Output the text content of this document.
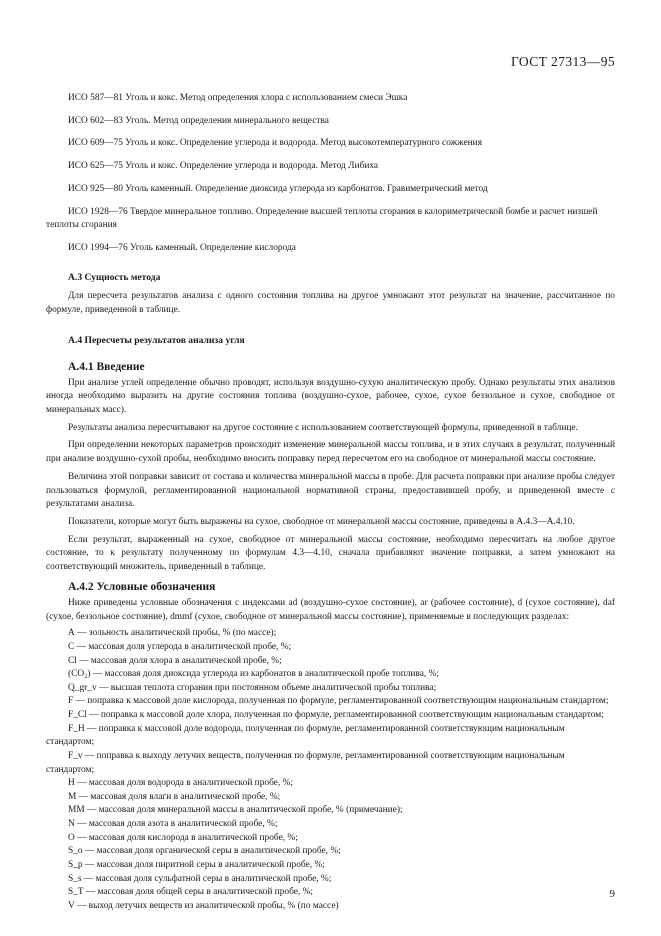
ГОСТ 27313—95

ИСО 587—81 Уголь и кокс. Метод определения хлора с использованием смеси Эшка

ИСО 602—83 Уголь. Метод определения минерального вещества

ИСО 609—75 Уголь и кокс. Определение углерода и водорода. Метод высокотемпературного сожжения

ИСО 625—75 Уголь и кокс. Определение углерода и водорода. Метод Либиха

ИСО 925—80 Уголь каменный. Определение диоксида углерода из карбонатов. Гравиметрический метод

ИСО 1928—76 Твердое минеральное топливо. Определение высшей теплоты сгорания в калориметрической бомбе и расчет низшей теплоты сгорания

ИСО 1994—76 Уголь каменный. Определение кислорода

А.3 Сущность метода

Для пересчета результатов анализа с одного состояния топлива на другое умножают этот результат на значение, рассчитанное по формуле, приведенной в таблице.

А.4 Пересчеты результатов анализа угля

А.4.1 Введение

При анализе углей определение обычно проводят, используя воздушно-сухую аналитическую пробу. Однако результаты этих анализов иногда необходимо выразить на другие состояния топлива (воздушно-сухое, рабочее, сухое, сухое беззольное и сухое, свободное от минеральных масс).

Результаты анализа пересчитывают на другое состояние с использованием соответствующей формулы, приведенной в таблице.

При определении некоторых параметров происходит изменение минеральной массы топлива, и в этих случаях в результат, полученный при анализе воздушно-сухой пробы, необходимо вносить поправку перед пересчетом его на свободное от минеральной массы состояние.

Величина этой поправки зависит от состава и количества минеральной массы в пробе. Для расчета поправки при анализе пробы следует пользоваться формулой, регламентированной национальной нормативной страны, предоставившей пробу, и приведенной вместе с результатами анализа.

Показатели, которые могут быть выражены на сухое, свободное от минеральной массы состояние, приведены в А.4.3—А.4.10.

Если результат, выраженный на сухое, свободное от минеральной массы состояние, необходимо пересчитать на любое другое состояние, то к результату полученному по формулам 4.3—4.10, сначала прибавляют значение поправки, а затем умножают на соответствующий множитель, приведенный в таблице.

А.4.2 Условные обозначения

Ниже приведены условные обозначения с индексами ad (воздушно-сухое состояние), ar (рабочее состояние), d (сухое состояние), daf (сухое, беззольное состояние), dmmf (сухое, свободное от минеральной массы состояние), применяемые в последующих разделах:

А — зольность аналитической пробы, % (по массе);

С — массовая доля углерода в аналитической пробе, %;

Сl — массовая доля хлора в аналитической пробе, %;

(СО₂) — массовая доля диоксида углерода из карбонатов в аналитической пробе топлива, %;

Q_gr_v — высшая теплота сгорания при постоянном объеме аналитической пробы топлива;

F — поправка к массовой доле кислорода, полученная по формуле, регламентированной соответствующим национальным стандартом;

F_Cl — поправка к массовой доле хлора, полученная по формуле, регламентированной соответствующим национальным стандартом;

F_H — поправка к массовой доле водорода, полученная по формуле, регламентированной соответствующим национальным стандартом;

F_v — поправка к выходу летучих веществ, полученная по формуле, регламентированной соответствующим национальным стандартом;

Н — массовая доля водорода в аналитической пробе, %;

М — массовая доля влаги в аналитической пробе, %;

ММ — массовая доля минеральной массы в аналитической пробе, % (примечание);

N — массовая доля азота в аналитической пробе, %;

О — массовая доля кислорода в аналитической пробе, %;

S_o — массовая доля органической серы в аналитической пробе, %;

S_p — массовая доля пиритной серы в аналитической пробе, %;

S_s — массовая доля сульфатной серы в аналитической пробе, %;

S_T — массовая доля общей серы в аналитической пробе, %;

V — выход летучих веществ из аналитической пробы, % (по массе)

9
